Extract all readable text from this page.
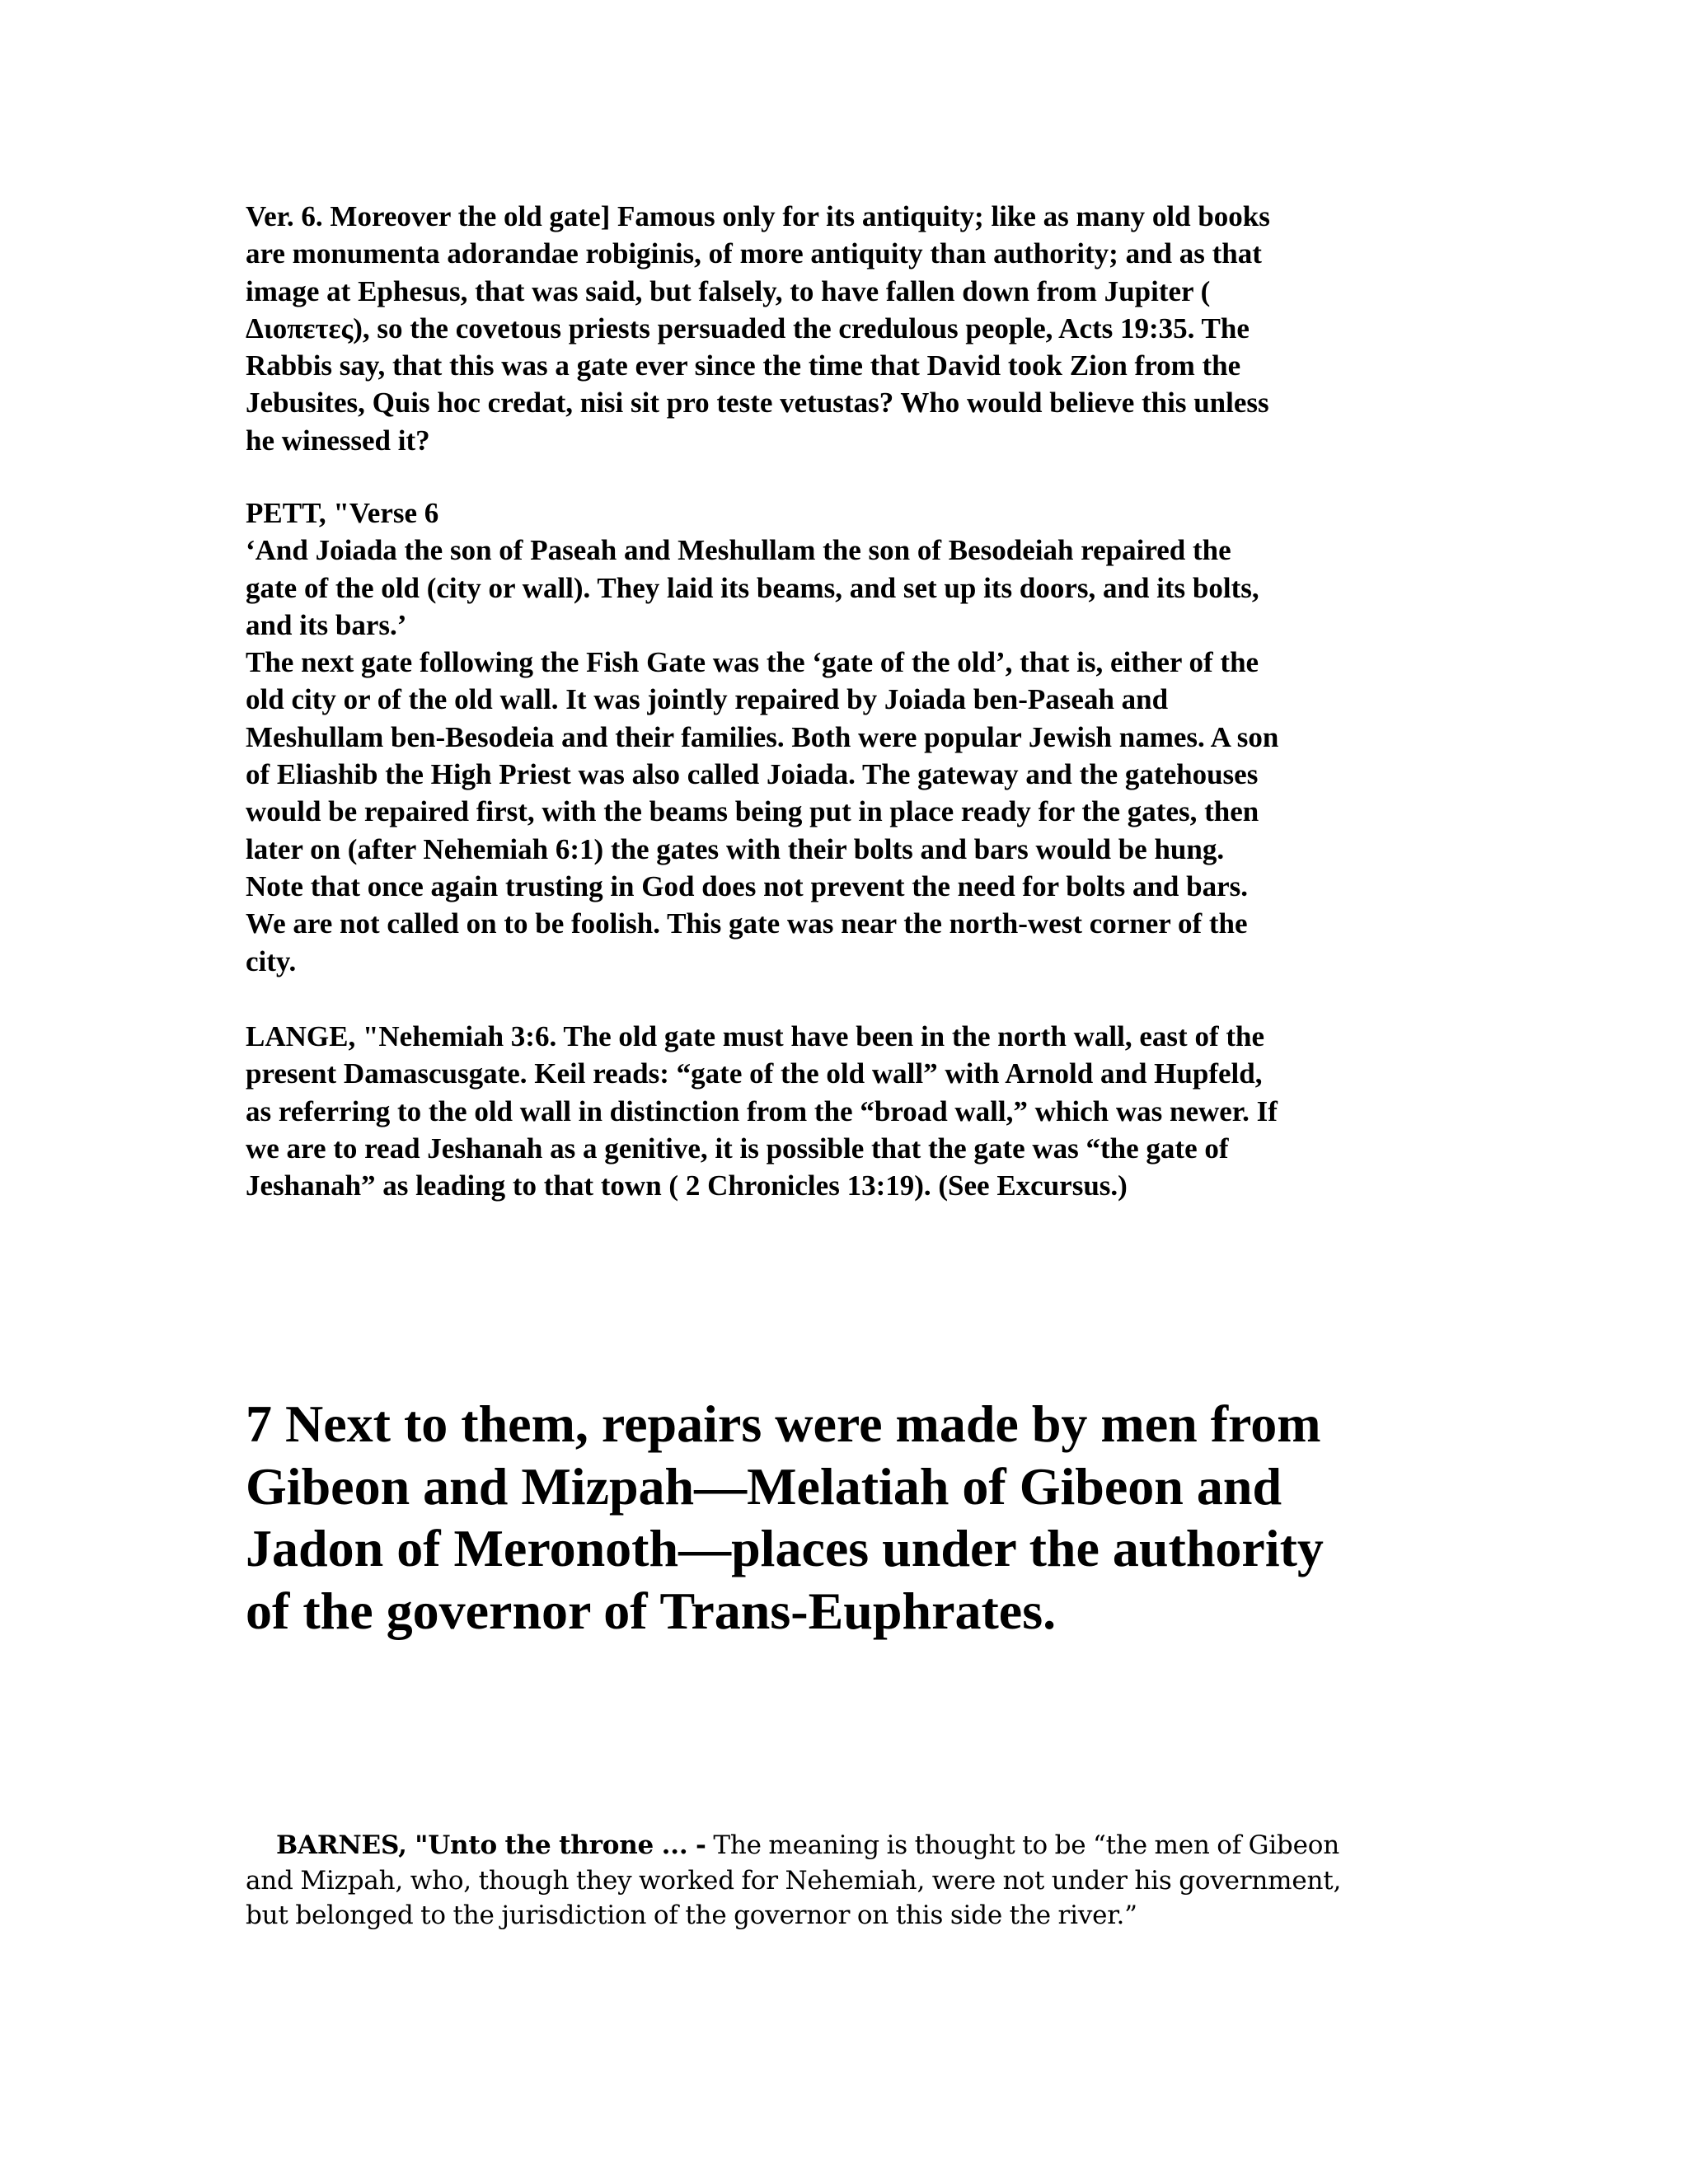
Ver. 6. Moreover the old gate] Famous only for its antiquity; like as many old books
are monumenta adorandae robiginis, of more antiquity than authority; and as that
image at Ephesus, that was said, but falsely, to have fallen down from Jupiter (
Διοπετες), so the covetous priests persuaded the credulous people, Acts 19:35. The
Rabbis say, that this was a gate ever since the time that David took Zion from the
Jebusites, Quis hoc credat, nisi sit pro teste vetustas? Who would believe this unless
he winessed it?
PETT, "Verse 6
‘And Joiada the son of Paseah and Meshullam the son of Besodeiah repaired the
gate of the old (city or wall). They laid its beams, and set up its doors, and its bolts,
and its bars.’
The next gate following the Fish Gate was the ‘gate of the old’, that is, either of the
old city or of the old wall. It was jointly repaired by Joiada ben-Paseah and
Meshullam ben-Besodeia and their families. Both were popular Jewish names. A son
of Eliashib the High Priest was also called Joiada. The gateway and the gatehouses
would be repaired first, with the beams being put in place ready for the gates, then
later on (after Nehemiah 6:1) the gates with their bolts and bars would be hung.
Note that once again trusting in God does not prevent the need for bolts and bars.
We are not called on to be foolish. This gate was near the north-west corner of the
city.
LANGE, "Nehemiah 3:6. The old gate must have been in the north wall, east of the
present Damascusgate. Keil reads: “gate of the old wall” with Arnold and Hupfeld,
as referring to the old wall in distinction from the “broad wall,” which was newer. If
we are to read Jeshanah as a genitive, it is possible that the gate was “the gate of
Jeshanah” as leading to that town ( 2 Chronicles 13:19). (See Excursus.)
7 Next to them, repairs were made by men from
Gibeon and Mizpah—Melatiah of Gibeon and
Jadon of Meronoth—places under the authority
of the governor of Trans-Euphrates.
BARNES, "Unto the throne ... - The meaning is thought to be “the men of Gibeon
and Mizpah, who, though they worked for Nehemiah, were not under his government,
but belonged to the jurisdiction of the governor on this side the river.”
